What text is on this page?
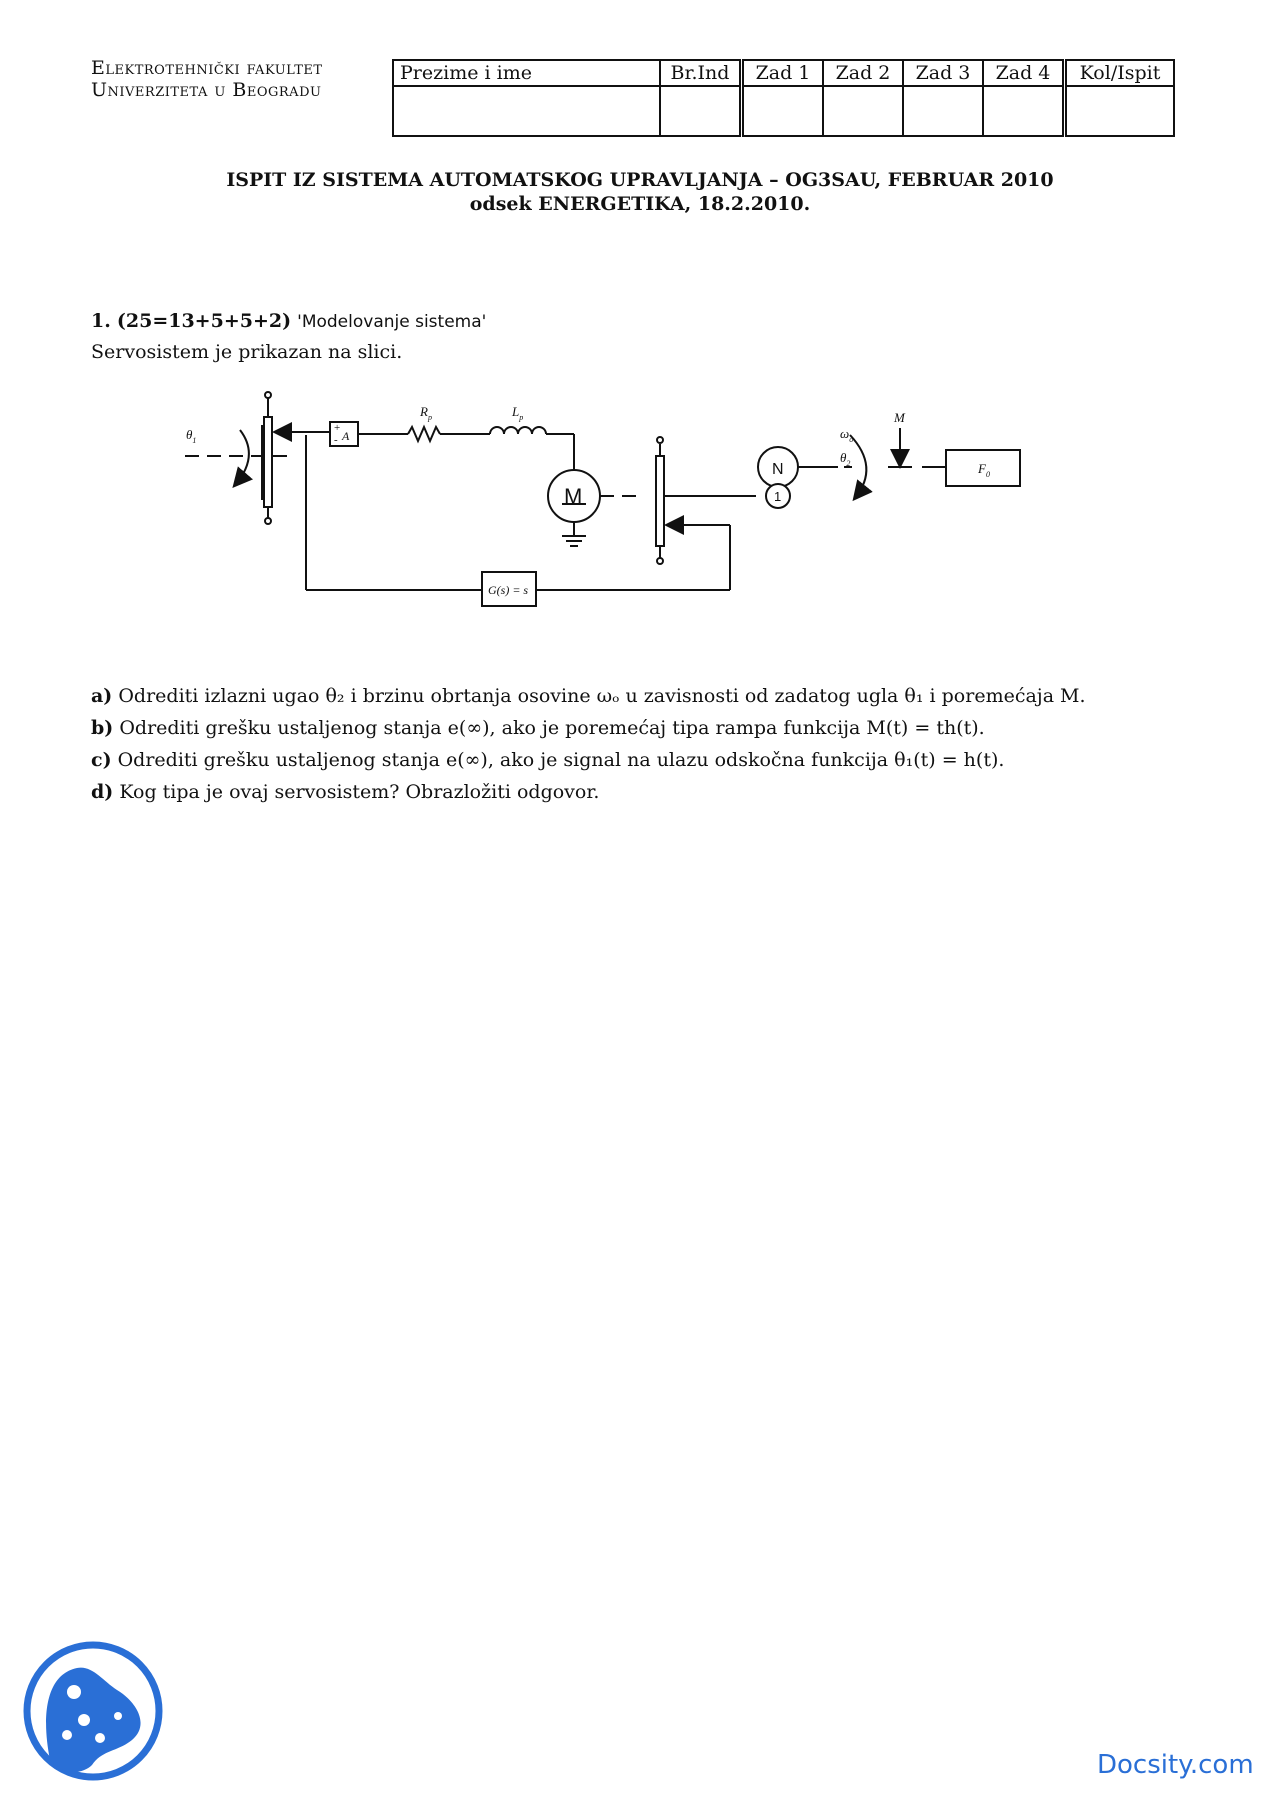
Elektrotehnički fakultet
Univerziteta u Beogradu
Prezime i ime	Br.Ind	Zad 1	Zad 2	Zad 3	Zad 4	Kol/Ispit

ISPIT IZ SISTEMA AUTOMATSKOG UPRAVLJANJA – OG3SAU, FEBRUAR 2010
odsek ENERGETIKA, 18.2.2010.
1. (25=13+5+5+2) 'Modelovanje sistema'
Servosistem je prikazan na slici.
$\theta_1$
+
- A
$R_p$	$L_p$
M
N
1
$\omega_o$
$\theta_2$
M
$F_0$
G(s) = s
a) Odrediti izlazni ugao θ₂ i brzinu obrtanja osovine ωₒ u zavisnosti od zadatog ugla θ₁ i poremećaja M.
b) Odrediti grešku ustaljenog stanja e(∞), ako je poremećaj tipa rampa funkcija M(t) = th(t).
c) Odrediti grešku ustaljenog stanja e(∞), ako je signal na ulazu odskočna funkcija θ₁(t) = h(t).
d) Kog tipa je ovaj servosistem? Obrazložiti odgovor.
Docsity.com
